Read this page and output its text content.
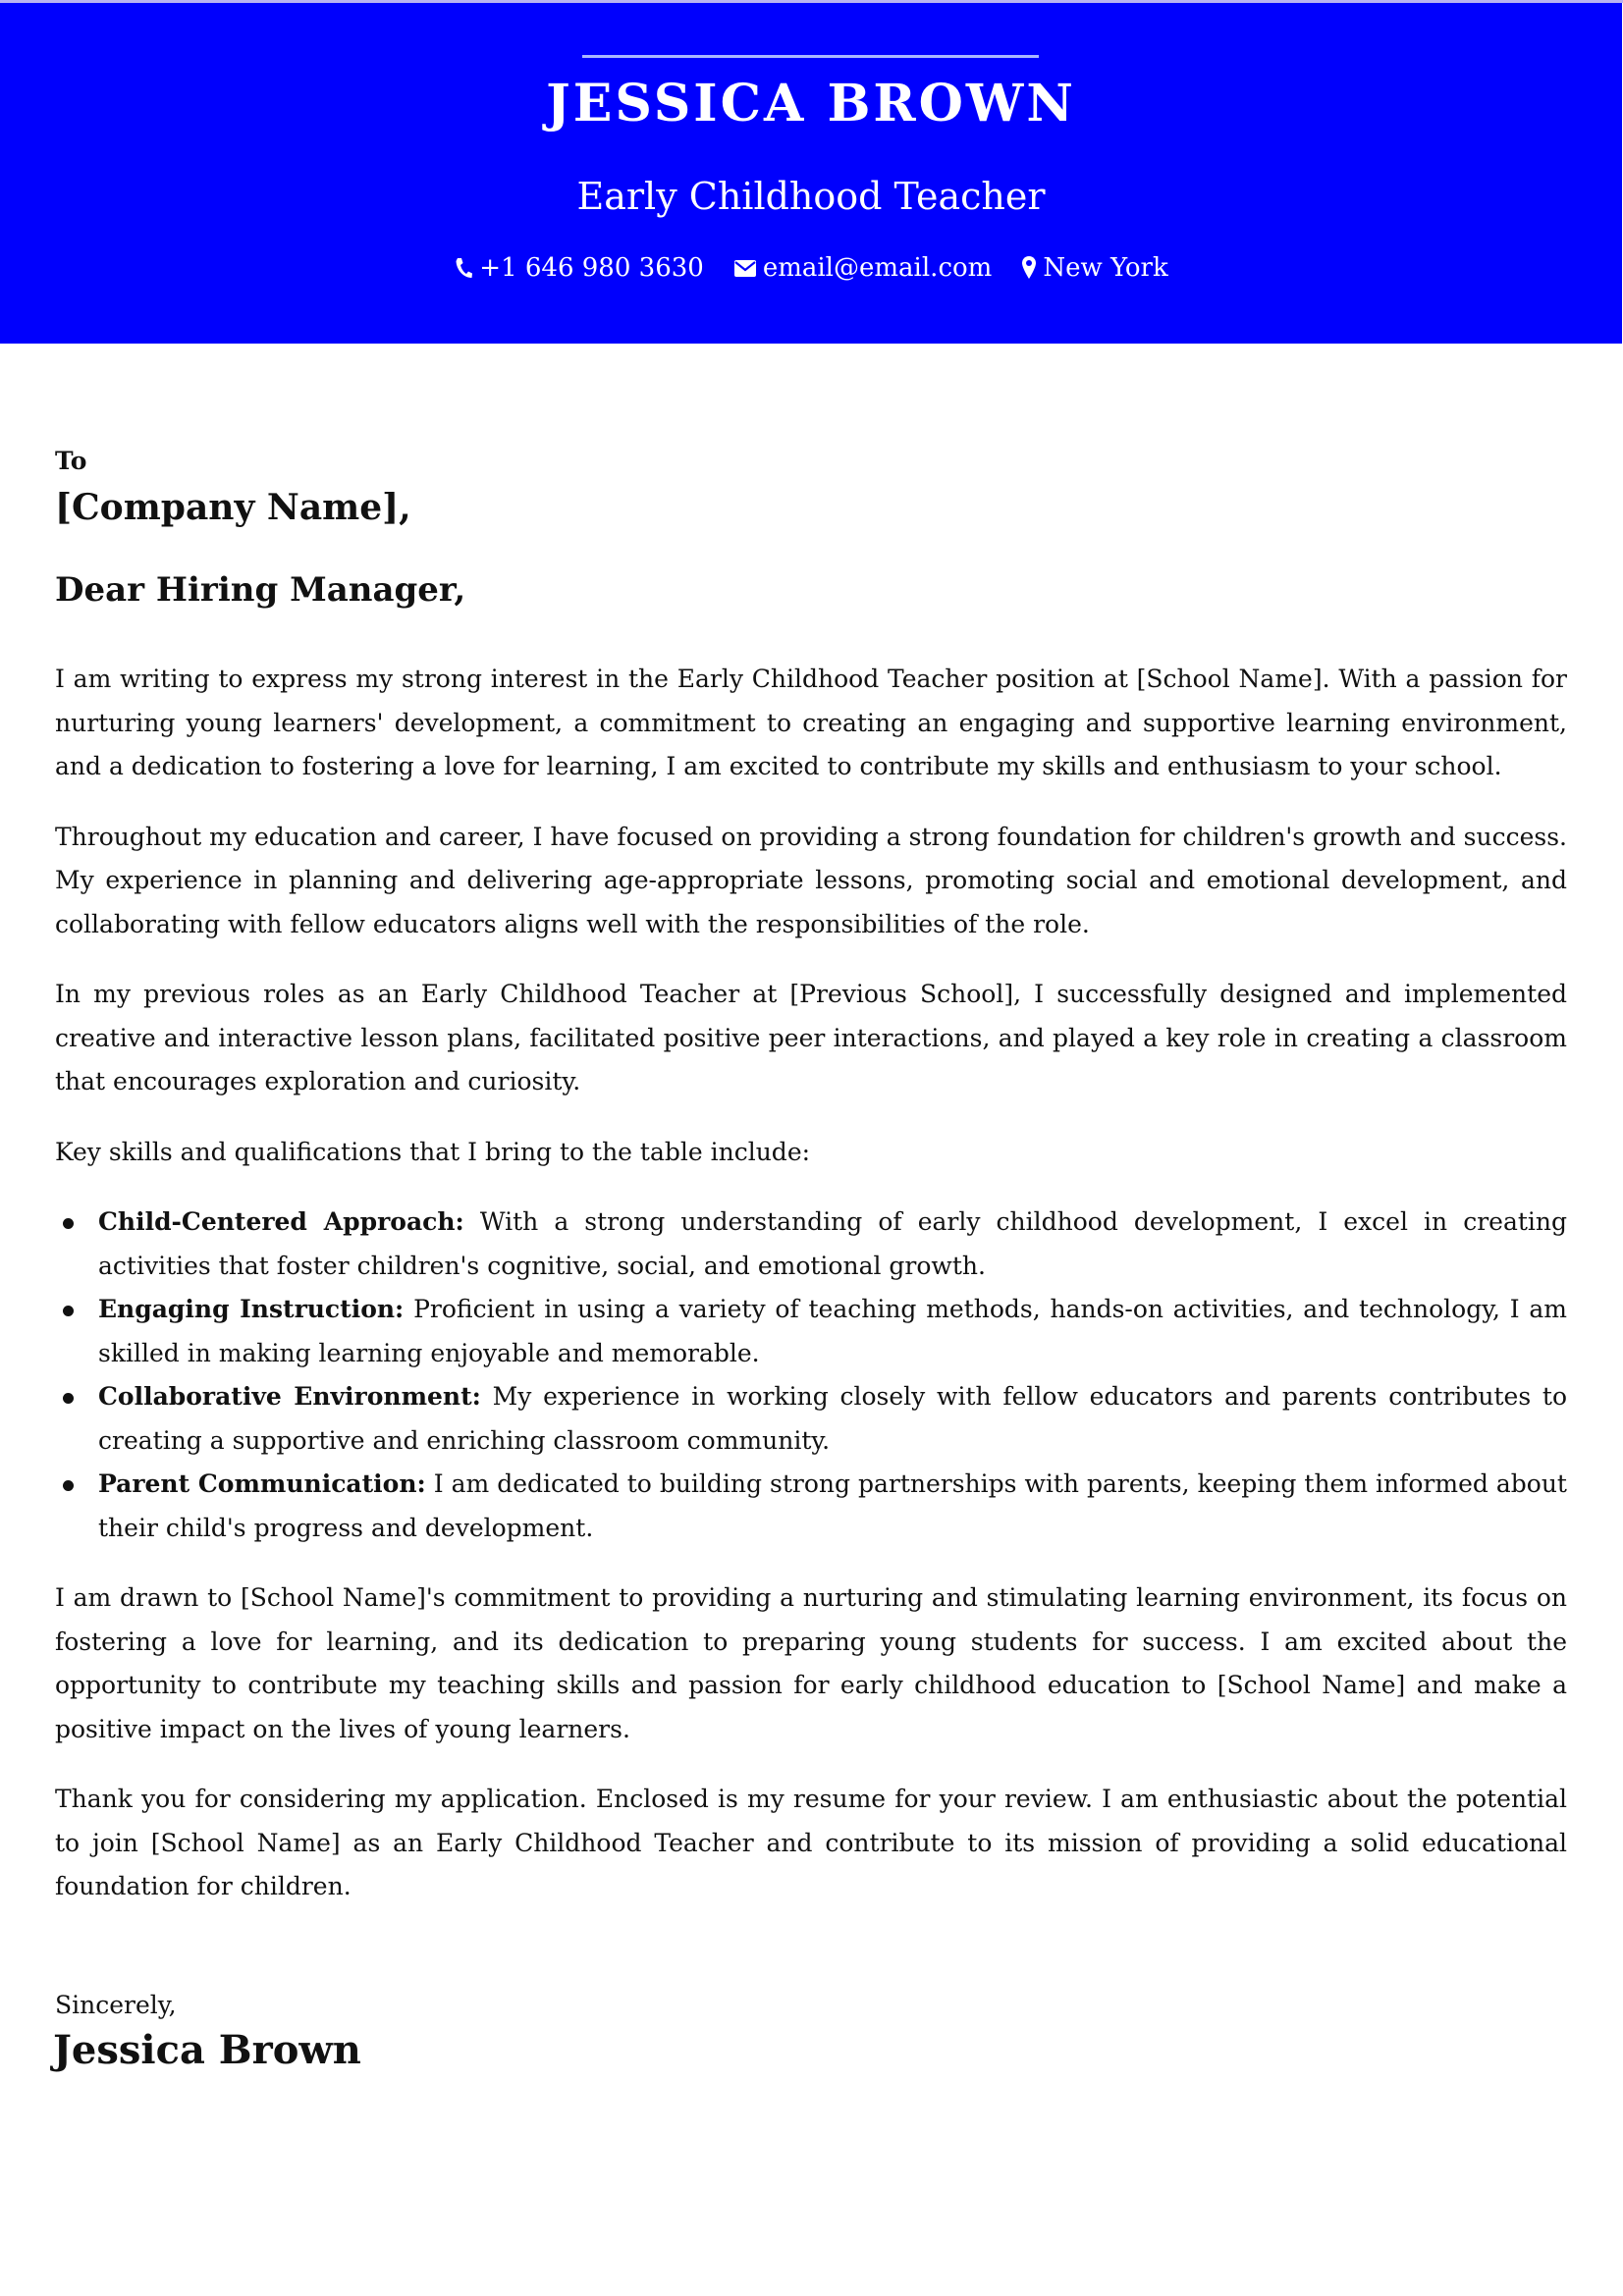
JESSICA BROWN
Early Childhood Teacher
+1 646 980 3630 email@email.com New York
To
[Company Name],
Dear Hiring Manager,

I am writing to express my strong interest in the Early Childhood Teacher position at [School Name]. With a passion for nurturing young learners' development, a commitment to creating an engaging and supportive learning environment, and a dedication to fostering a love for learning, I am excited to contribute my skills and enthusiasm to your school.

Throughout my education and career, I have focused on providing a strong foundation for children's growth and success. My experience in planning and delivering age-appropriate lessons, promoting social and emotional development, and collaborating with fellow educators aligns well with the responsibilities of the role.

In my previous roles as an Early Childhood Teacher at [Previous School], I successfully designed and implemented creative and interactive lesson plans, facilitated positive peer interactions, and played a key role in creating a classroom that encourages exploration and curiosity.

Key skills and qualifications that I bring to the table include:

Child-Centered Approach: With a strong understanding of early childhood development, I excel in creating activities that foster children's cognitive, social, and emotional growth.
Engaging Instruction: Proficient in using a variety of teaching methods, hands-on activities, and technology, I am skilled in making learning enjoyable and memorable.
Collaborative Environment: My experience in working closely with fellow educators and parents contributes to creating a supportive and enriching classroom community.
Parent Communication: I am dedicated to building strong partnerships with parents, keeping them informed about their child's progress and development.

I am drawn to [School Name]'s commitment to providing a nurturing and stimulating learning environment, its focus on fostering a love for learning, and its dedication to preparing young students for success. I am excited about the opportunity to contribute my teaching skills and passion for early childhood education to [School Name] and make a positive impact on the lives of young learners.

Thank you for considering my application. Enclosed is my resume for your review. I am enthusiastic about the potential to join [School Name] as an Early Childhood Teacher and contribute to its mission of providing a solid educational foundation for children.

Sincerely,
Jessica Brown
